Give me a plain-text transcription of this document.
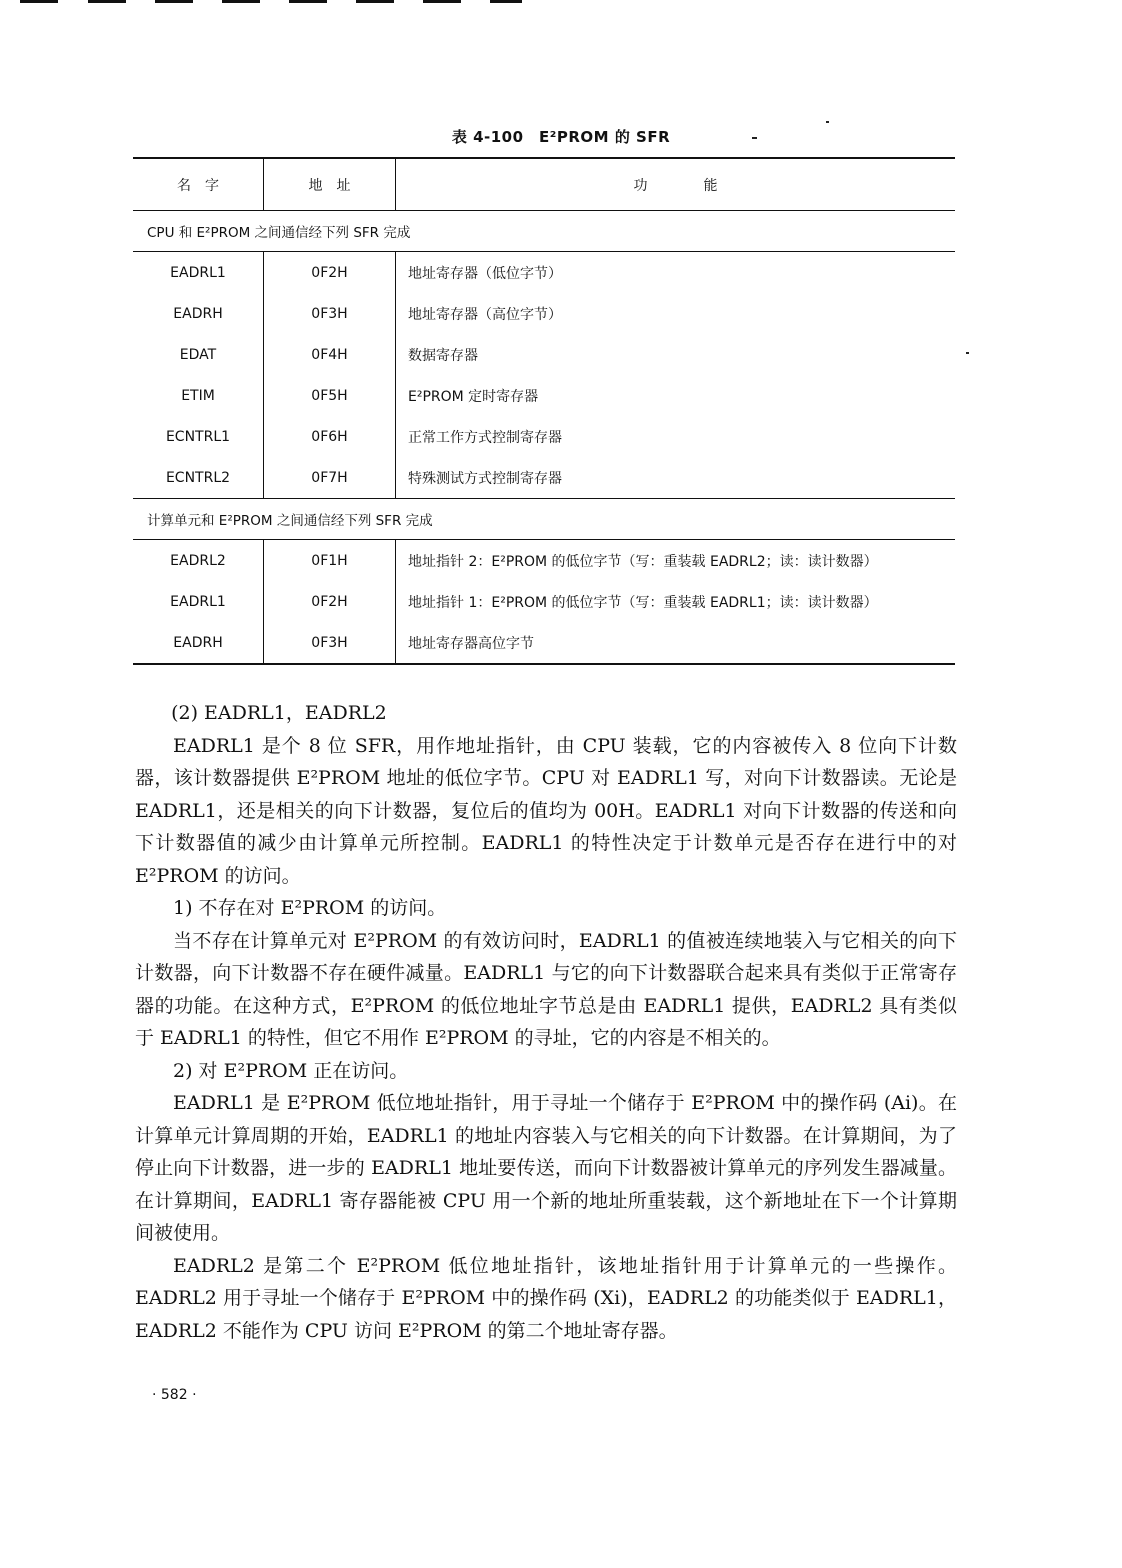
表 4-100　E²PROM 的 SFR
名　字	地　址	功　　　　能
CPU 和 E²PROM 之间通信经下列 SFR 完成		
EADRL1	0F2H	地址寄存器（低位字节）
EADRH	0F3H	地址寄存器（高位字节）
EDAT	0F4H	数据寄存器
ETIM	0F5H	E²PROM 定时寄存器
ECNTRL1	0F6H	正常工作方式控制寄存器
ECNTRL2	0F7H	特殊测试方式控制寄存器
计算单元和 E²PROM 之间通信经下列 SFR 完成		
EADRL2	0F1H	地址指针 2：E²PROM 的低位字节（写：重装载 EADRL2；读：读计数器）
EADRL1	0F2H	地址指针 1：E²PROM 的低位字节（写：重装载 EADRL1；读：读计数器）
EADRH	0F3H	地址寄存器高位字节

(2) EADRL1，EADRL2

EADRL1 是个 8 位 SFR，用作地址指针，由 CPU 装载，它的内容被传入 8 位向下计数器，该计数器提供 E²PROM 地址的低位字节。CPU 对 EADRL1 写，对向下计数器读。无论是 EADRL1，还是相关的向下计数器，复位后的值均为 00H。EADRL1 对向下计数器的传送和向下计数器值的减少由计算单元所控制。EADRL1 的特性决定于计数单元是否存在进行中的对 E²PROM 的访问。

1) 不存在对 E²PROM 的访问。

当不存在计算单元对 E²PROM 的有效访问时，EADRL1 的值被连续地装入与它相关的向下计数器，向下计数器不存在硬件减量。EADRL1 与它的向下计数器联合起来具有类似于正常寄存器的功能。在这种方式，E²PROM 的低位地址字节总是由 EADRL1 提供，EADRL2 具有类似于 EADRL1 的特性，但它不用作 E²PROM 的寻址，它的内容是不相关的。

2) 对 E²PROM 正在访问。

EADRL1 是 E²PROM 低位地址指针，用于寻址一个储存于 E²PROM 中的操作码 (Ai)。在计算单元计算周期的开始，EADRL1 的地址内容装入与它相关的向下计数器。在计算期间，为了停止向下计数器，进一步的 EADRL1 地址要传送，而向下计数器被计算单元的序列发生器减量。在计算期间，EADRL1 寄存器能被 CPU 用一个新的地址所重装载，这个新地址在下一个计算期间被使用。

EADRL2 是第二个 E²PROM 低位地址指针，该地址指针用于计算单元的一些操作。EADRL2 用于寻址一个储存于 E²PROM 中的操作码 (Xi)，EADRL2 的功能类似于 EADRL1，EADRL2 不能作为 CPU 访问 E²PROM 的第二个地址寄存器。

· 582 ·
